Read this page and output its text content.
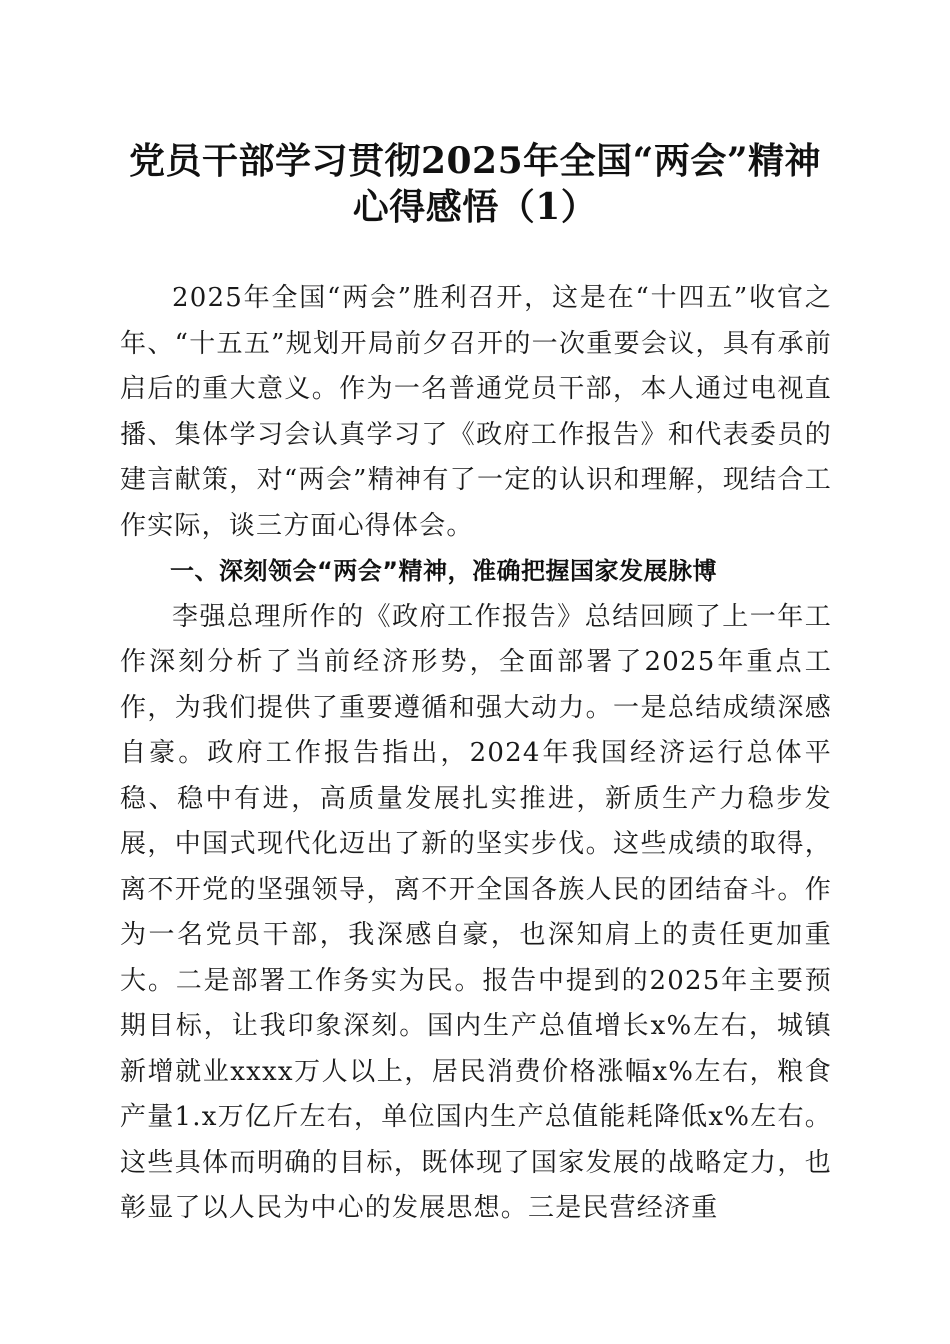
党员干部学习贯彻2025年全国“两会”精神
心得感悟（1）

2025年全国“两会”胜利召开，这是在“十四五”收官之年、“十五五”规划开局前夕召开的一次重要会议，具有承前启后的重大意义。作为一名普通党员干部，本人通过电视直播、集体学习会认真学习了《政府工作报告》和代表委员的建言献策，对“两会”精神有了一定的认识和理解，现结合工作实际，谈三方面心得体会。

一、深刻领会“两会”精神，准确把握国家发展脉博

李强总理所作的《政府工作报告》总结回顾了上一年工作深刻分析了当前经济形势，全面部署了2025年重点工作，为我们提供了重要遵循和强大动力。一是总结成绩深感自豪。政府工作报告指出，2024年我国经济运行总体平稳、稳中有进，高质量发展扎实推进，新质生产力稳步发展，中国式现代化迈出了新的坚实步伐。这些成绩的取得，离不开党的坚强领导，离不开全国各族人民的团结奋斗。作为一名党员干部，我深感自豪，也深知肩上的责任更加重大。二是部署工作务实为民。报告中提到的2025年主要预期目标，让我印象深刻。国内生产总值增长x%左右，城镇新增就业xxxx万人以上，居民消费价格涨幅x%左右，粮食产量1.x万亿斤左右，单位国内生产总值能耗降低x%左右。这些具体而明确的目标，既体现了国家发展的战略定力，也彰显了以人民为中心的发展思想。三是民营经济重
